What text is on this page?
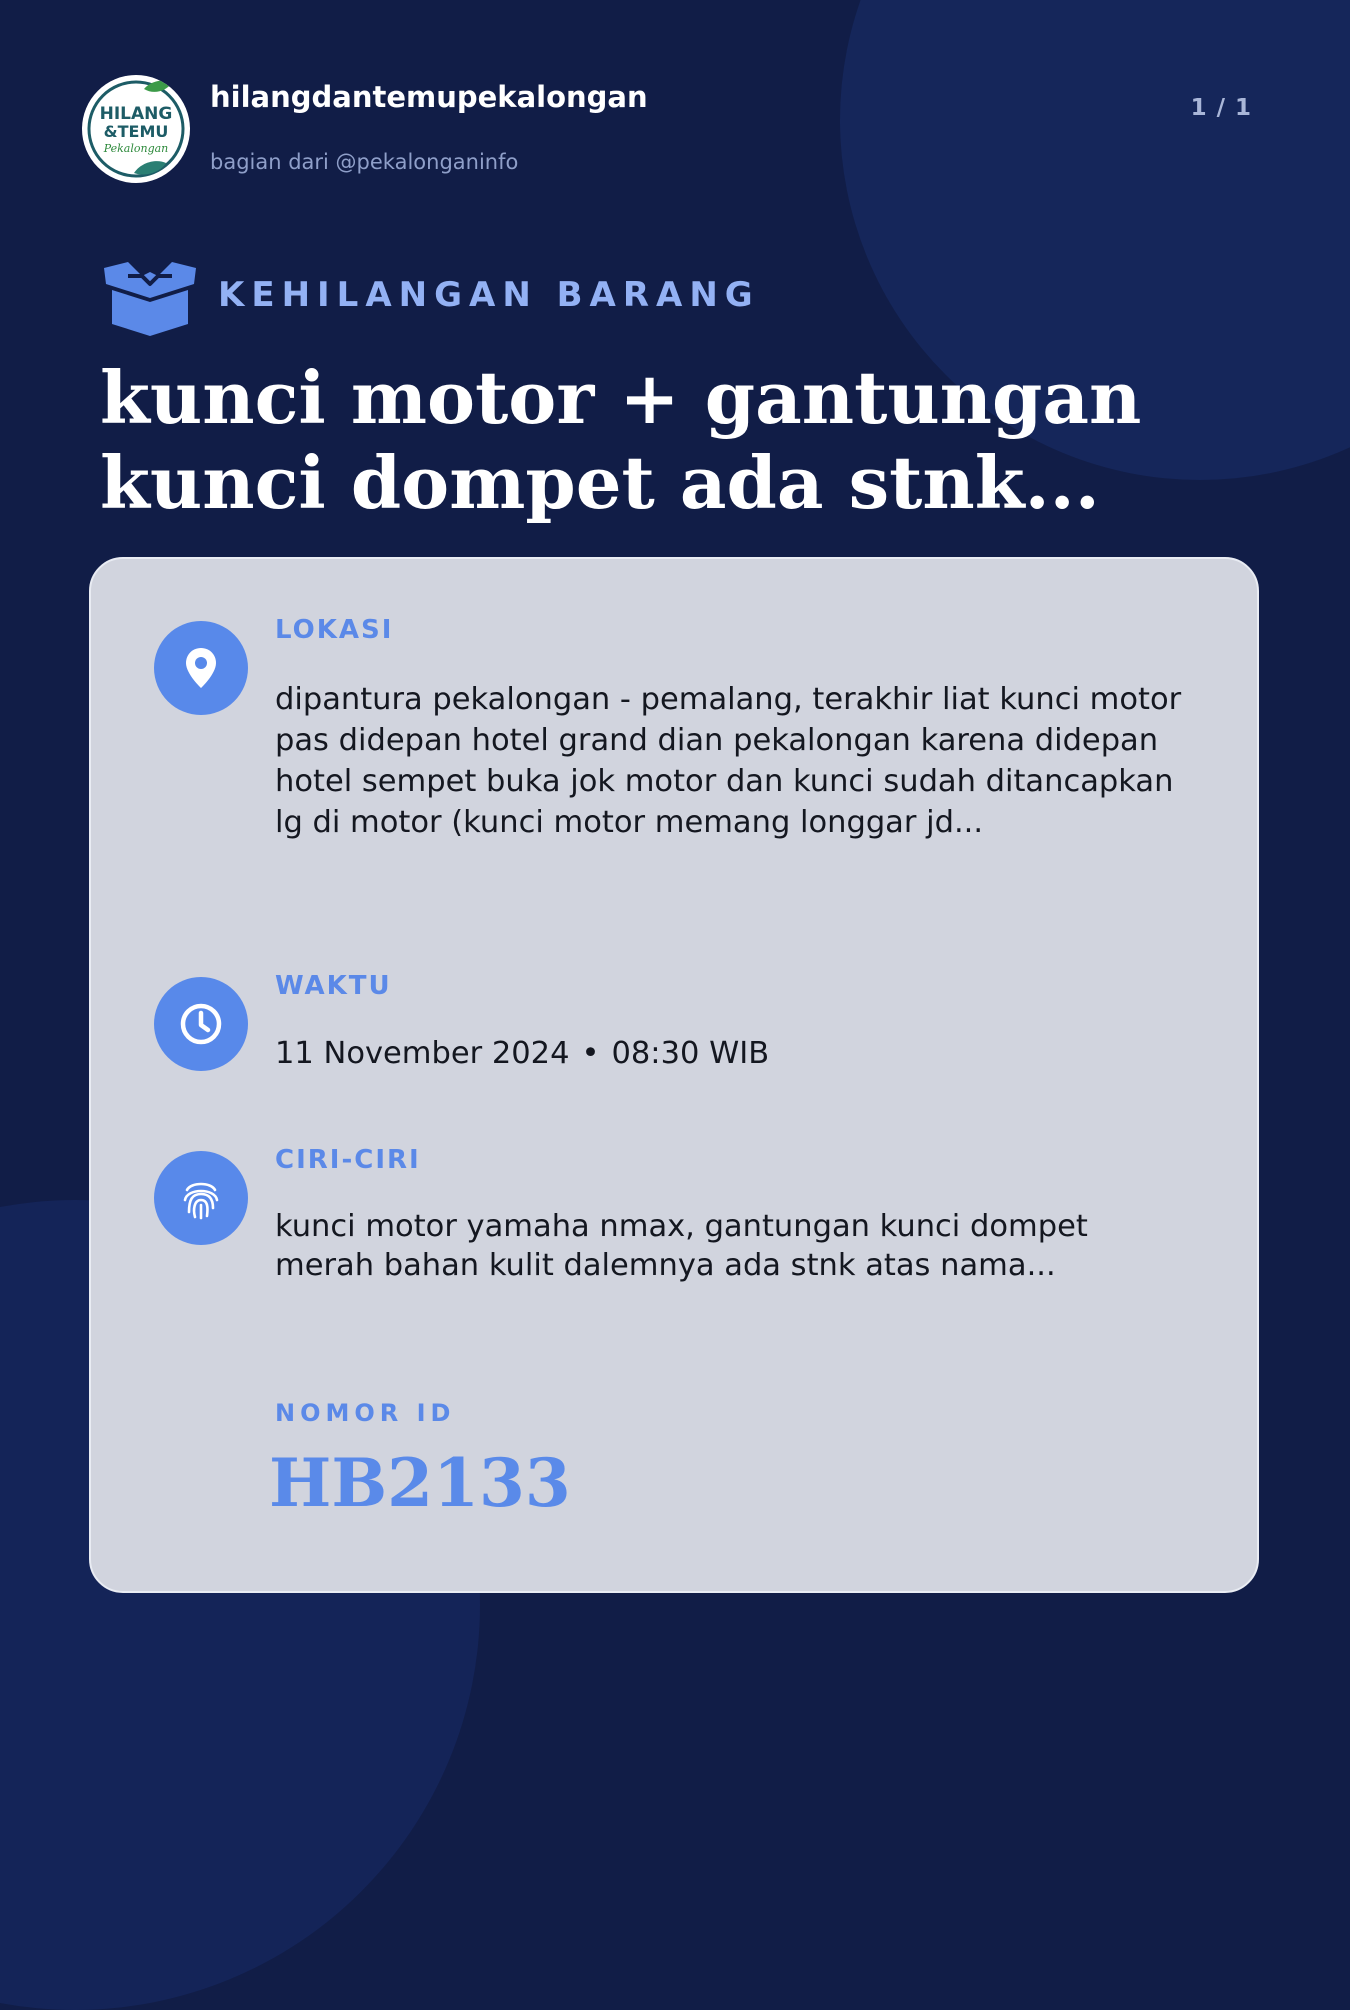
HILANG
&TEMU
Pekalongan
hilangdantemupekalongan
bagian dari @pekalonganinfo
1 / 1
KEHILANGAN BARANG
kunci motor + gantungan
kunci dompet ada stnk...
LOKASI
dipantura pekalongan - pemalang, terakhir liat kunci motor pas didepan hotel grand dian pekalongan karena didepan hotel sempet buka jok motor dan kunci sudah ditancapkan lg di motor (kunci motor memang longgar jd...
WAKTU
11 November 2024 • 08:30 WIB
CIRI-CIRI
kunci motor yamaha nmax, gantungan kunci dompet merah bahan kulit dalemnya ada stnk atas nama...
NOMOR ID
HB2133
